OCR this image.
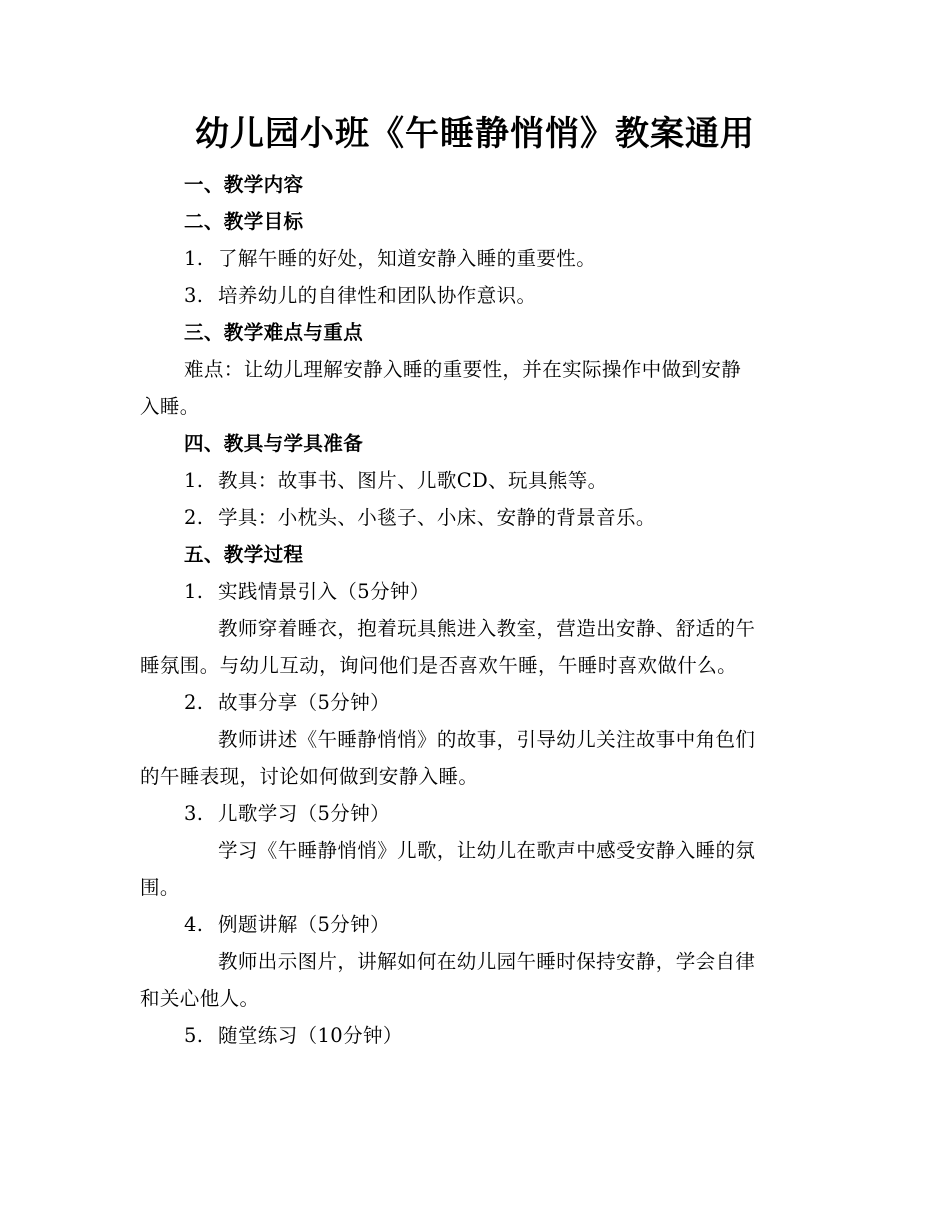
幼儿园小班《午睡静悄悄》教案通用
一、教学内容
二、教学目标
1. 了解午睡的好处，知道安静入睡的重要性。
3. 培养幼儿的自律性和团队协作意识。
三、教学难点与重点
难点：让幼儿理解安静入睡的重要性，并在实际操作中做到安静
入睡。
四、教具与学具准备
1. 教具：故事书、图片、儿歌CD、玩具熊等。
2. 学具：小枕头、小毯子、小床、安静的背景音乐。
五、教学过程
1. 实践情景引入（5分钟）
教师穿着睡衣，抱着玩具熊进入教室，营造出安静、舒适的午
睡氛围。与幼儿互动，询问他们是否喜欢午睡，午睡时喜欢做什么。
2. 故事分享（5分钟）
教师讲述《午睡静悄悄》的故事，引导幼儿关注故事中角色们
的午睡表现，讨论如何做到安静入睡。
3. 儿歌学习（5分钟）
学习《午睡静悄悄》儿歌，让幼儿在歌声中感受安静入睡的氛
围。
4. 例题讲解（5分钟）
教师出示图片，讲解如何在幼儿园午睡时保持安静，学会自律
和关心他人。
5. 随堂练习（10分钟）
